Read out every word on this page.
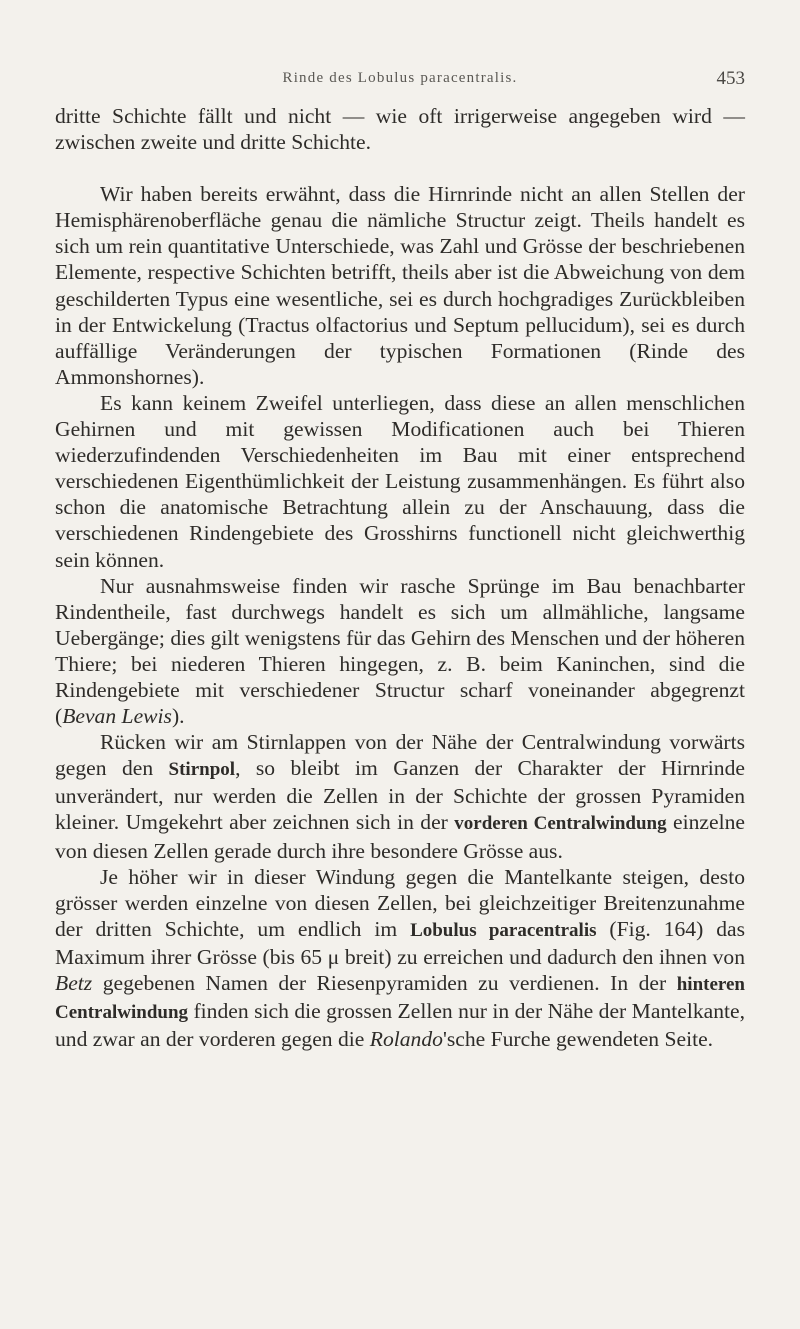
Rinde des Lobulus paracentralis.	453

dritte Schichte fällt und nicht — wie oft irrigerweise angegeben wird — zwischen zweite und dritte Schichte.

Wir haben bereits erwähnt, dass die Hirnrinde nicht an allen Stellen der Hemisphärenoberfläche genau die nämliche Structur zeigt. Theils handelt es sich um rein quantitative Unterschiede, was Zahl und Grösse der beschriebenen Elemente, respective Schichten betrifft, theils aber ist die Abweichung von dem geschilderten Typus eine wesentliche, sei es durch hochgradiges Zurückbleiben in der Entwickelung (Tractus olfactorius und Septum pellucidum), sei es durch auffällige Veränderungen der typischen Formationen (Rinde des Ammonshornes).

Es kann keinem Zweifel unterliegen, dass diese an allen menschlichen Gehirnen und mit gewissen Modificationen auch bei Thieren wiederzufindenden Verschiedenheiten im Bau mit einer entsprechend verschiedenen Eigenthümlichkeit der Leistung zusammenhängen. Es führt also schon die anatomische Betrachtung allein zu der Anschauung, dass die verschiedenen Rindengebiete des Grosshirns functionell nicht gleichwerthig sein können.

Nur ausnahmsweise finden wir rasche Sprünge im Bau benachbarter Rindentheile, fast durchwegs handelt es sich um allmähliche, langsame Uebergänge; dies gilt wenigstens für das Gehirn des Menschen und der höheren Thiere; bei niederen Thieren hingegen, z. B. beim Kaninchen, sind die Rindengebiete mit verschiedener Structur scharf voneinander abgegrenzt (Bevan Lewis).

Rücken wir am Stirnlappen von der Nähe der Centralwindung vorwärts gegen den Stirnpol, so bleibt im Ganzen der Charakter der Hirnrinde unverändert, nur werden die Zellen in der Schichte der grossen Pyramiden kleiner. Umgekehrt aber zeichnen sich in der vorderen Centralwindung einzelne von diesen Zellen gerade durch ihre besondere Grösse aus.

Je höher wir in dieser Windung gegen die Mantelkante steigen, desto grösser werden einzelne von diesen Zellen, bei gleichzeitiger Breitenzunahme der dritten Schichte, um endlich im Lobulus paracentralis (Fig. 164) das Maximum ihrer Grösse (bis 65 μ breit) zu erreichen und dadurch den ihnen von Betz gegebenen Namen der Riesenpyramiden zu verdienen. In der hinteren Centralwindung finden sich die grossen Zellen nur in der Nähe der Mantelkante, und zwar an der vorderen gegen die Rolando'sche Furche gewendeten Seite.
